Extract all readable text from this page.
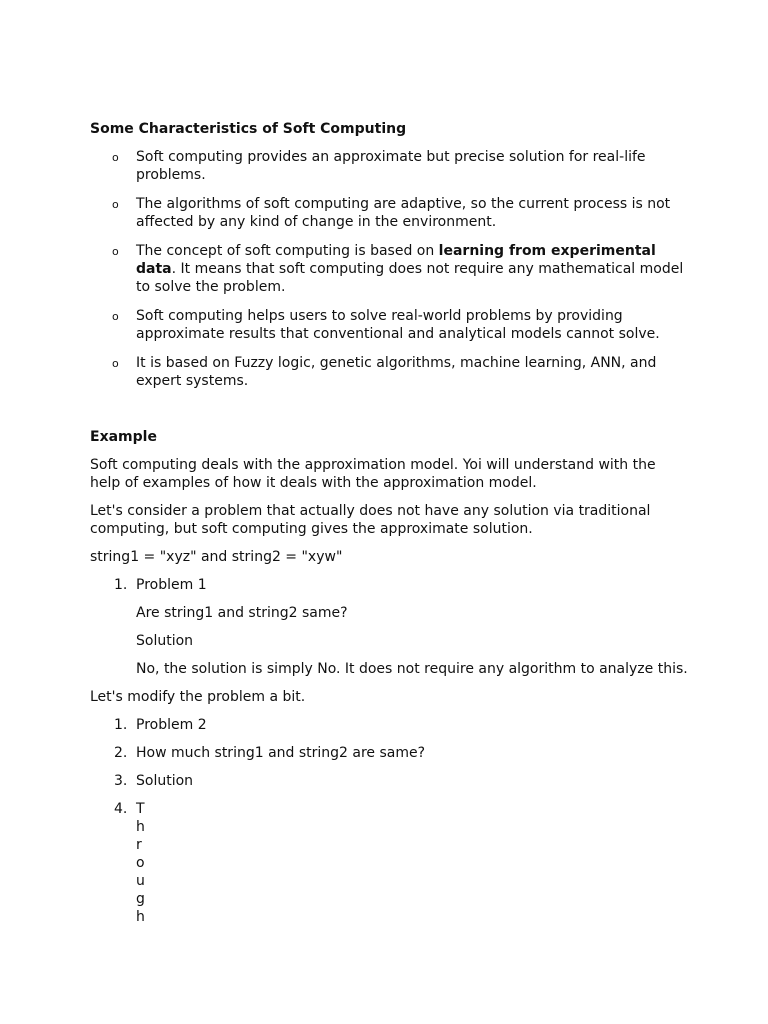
Some Characteristics of Soft Computing
o Soft computing provides an approximate but precise solution for real-life problems.
o The algorithms of soft computing are adaptive, so the current process is not affected by any kind of change in the environment.
o The concept of soft computing is based on learning from experimental data. It means that soft computing does not require any mathematical model to solve the problem.
o Soft computing helps users to solve real-world problems by providing approximate results that conventional and analytical models cannot solve.
o It is based on Fuzzy logic, genetic algorithms, machine learning, ANN, and expert systems.
Example

Soft computing deals with the approximation model. Yoi will understand with the help of examples of how it deals with the approximation model.

Let's consider a problem that actually does not have any solution via traditional computing, but soft computing gives the approximate solution.

string1 = "xyz" and string2 = "xyw"

1. Problem 1

Are string1 and string2 same?

Solution

No, the solution is simply No. It does not require any algorithm to analyze this.

Let's modify the problem a bit.

1. Problem 2
2. How much string1 and string2 are same?
3. Solution
4. Through
